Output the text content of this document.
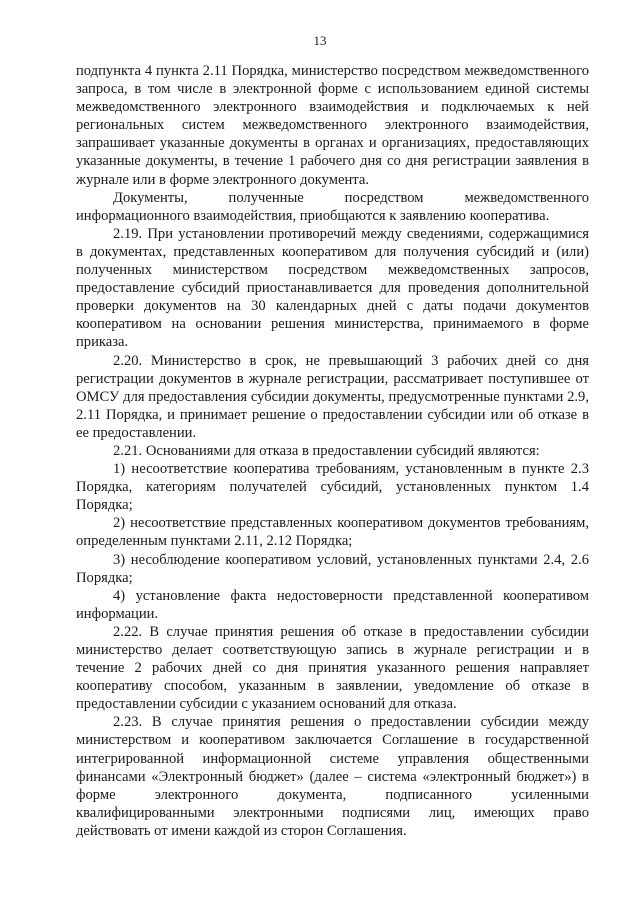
13

подпункта 4 пункта 2.11 Порядка, министерство посредством межведомственного запроса, в том числе в электронной форме с использованием единой системы межведомственного электронного взаимодействия и подключаемых к ней региональных систем межведомственного электронного взаимодействия, запрашивает указанные документы в органах и организациях, предоставляющих указанные документы, в течение 1 рабочего дня со дня регистрации заявления в журнале или в форме электронного документа.

Документы, полученные посредством межведомственного информационного взаимодействия, приобщаются к заявлению кооператива.

2.19. При установлении противоречий между сведениями, содержащимися в документах, представленных кооперативом для получения субсидий и (или) полученных министерством посредством межведомственных запросов, предоставление субсидий приостанавливается для проведения дополнительной проверки документов на 30 календарных дней с даты подачи документов кооперативом на основании решения министерства, принимаемого в форме приказа.

2.20. Министерство в срок, не превышающий 3 рабочих дней со дня регистрации документов в журнале регистрации, рассматривает поступившее от ОМСУ для предоставления субсидии документы, предусмотренные пунктами 2.9, 2.11 Порядка, и принимает решение о предоставлении субсидии или об отказе в ее предоставлении.

2.21. Основаниями для отказа в предоставлении субсидий являются:

1) несоответствие кооператива требованиям, установленным в пункте 2.3 Порядка, категориям получателей субсидий, установленных пунктом 1.4 Порядка;

2) несоответствие представленных кооперативом документов требованиям, определенным пунктами 2.11, 2.12 Порядка;

3) несоблюдение кооперативом условий, установленных пунктами 2.4, 2.6 Порядка;

4) установление факта недостоверности представленной кооперативом информации.

2.22. В случае принятия решения об отказе в предоставлении субсидии министерство делает соответствующую запись в журнале регистрации и в течение 2 рабочих дней со дня принятия указанного решения направляет кооперативу способом, указанным в заявлении, уведомление об отказе в предоставлении субсидии с указанием оснований для отказа.

2.23. В случае принятия решения о предоставлении субсидии между министерством и кооперативом заключается Соглашение в государственной интегрированной информационной системе управления общественными финансами «Электронный бюджет» (далее – система «электронный бюджет») в форме электронного документа, подписанного усиленными квалифицированными электронными подписями лиц, имеющих право действовать от имени каждой из сторон Соглашения.
